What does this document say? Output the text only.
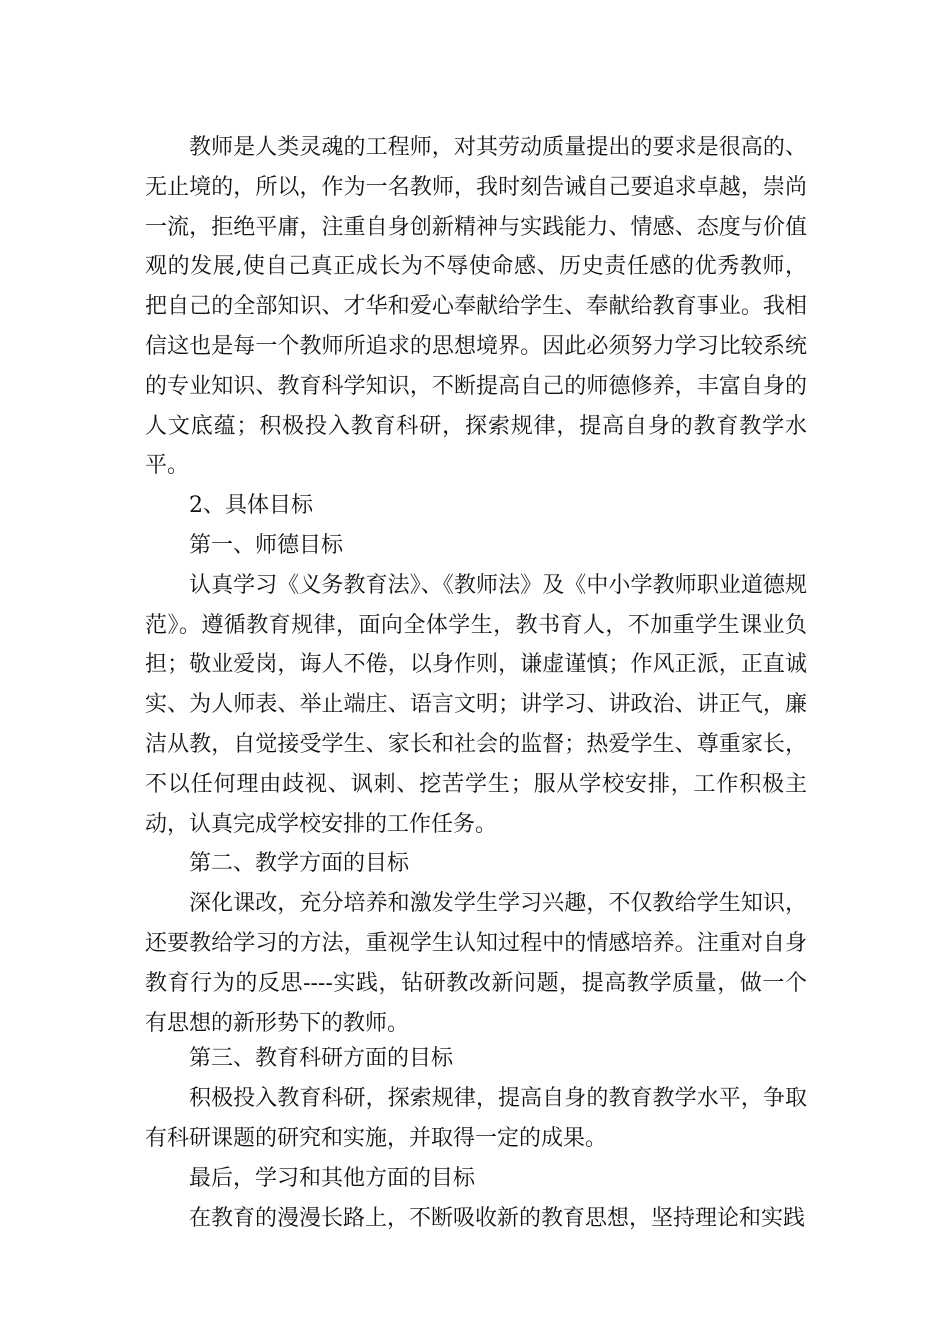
教师是人类灵魂的工程师，对其劳动质量提出的要求是很高的、无止境的，所以，作为一名教师，我时刻告诫自己要追求卓越，崇尚一流，拒绝平庸，注重自身创新精神与实践能力、情感、态度与价值观的发展,使自己真正成长为不辱使命感、历史责任感的优秀教师，把自己的全部知识、才华和爱心奉献给学生、奉献给教育事业。我相信这也是每一个教师所追求的思想境界。因此必须努力学习比较系统的专业知识、教育科学知识，不断提高自己的师德修养，丰富自身的人文底蕴；积极投入教育科研，探索规律，提高自身的教育教学水平。

2、具体目标

第一、师德目标

认真学习《义务教育法》、《教师法》及《中小学教师职业道德规范》。遵循教育规律，面向全体学生，教书育人，不加重学生课业负担；敬业爱岗，诲人不倦，以身作则，谦虚谨慎；作风正派，正直诚实、为人师表、举止端庄、语言文明；讲学习、讲政治、讲正气，廉洁从教，自觉接受学生、家长和社会的监督；热爱学生、尊重家长，不以任何理由歧视、讽刺、挖苦学生；服从学校安排，工作积极主动，认真完成学校安排的工作任务。

第二、教学方面的目标

深化课改，充分培养和激发学生学习兴趣，不仅教给学生知识，还要教给学习的方法，重视学生认知过程中的情感培养。注重对自身教育行为的反思----实践，钻研教改新问题，提高教学质量，做一个有思想的新形势下的教师。

第三、教育科研方面的目标

积极投入教育科研，探索规律，提高自身的教育教学水平，争取有科研课题的研究和实施，并取得一定的成果。

最后，学习和其他方面的目标

在教育的漫漫长路上，不断吸收新的教育思想，坚持理论和实践
